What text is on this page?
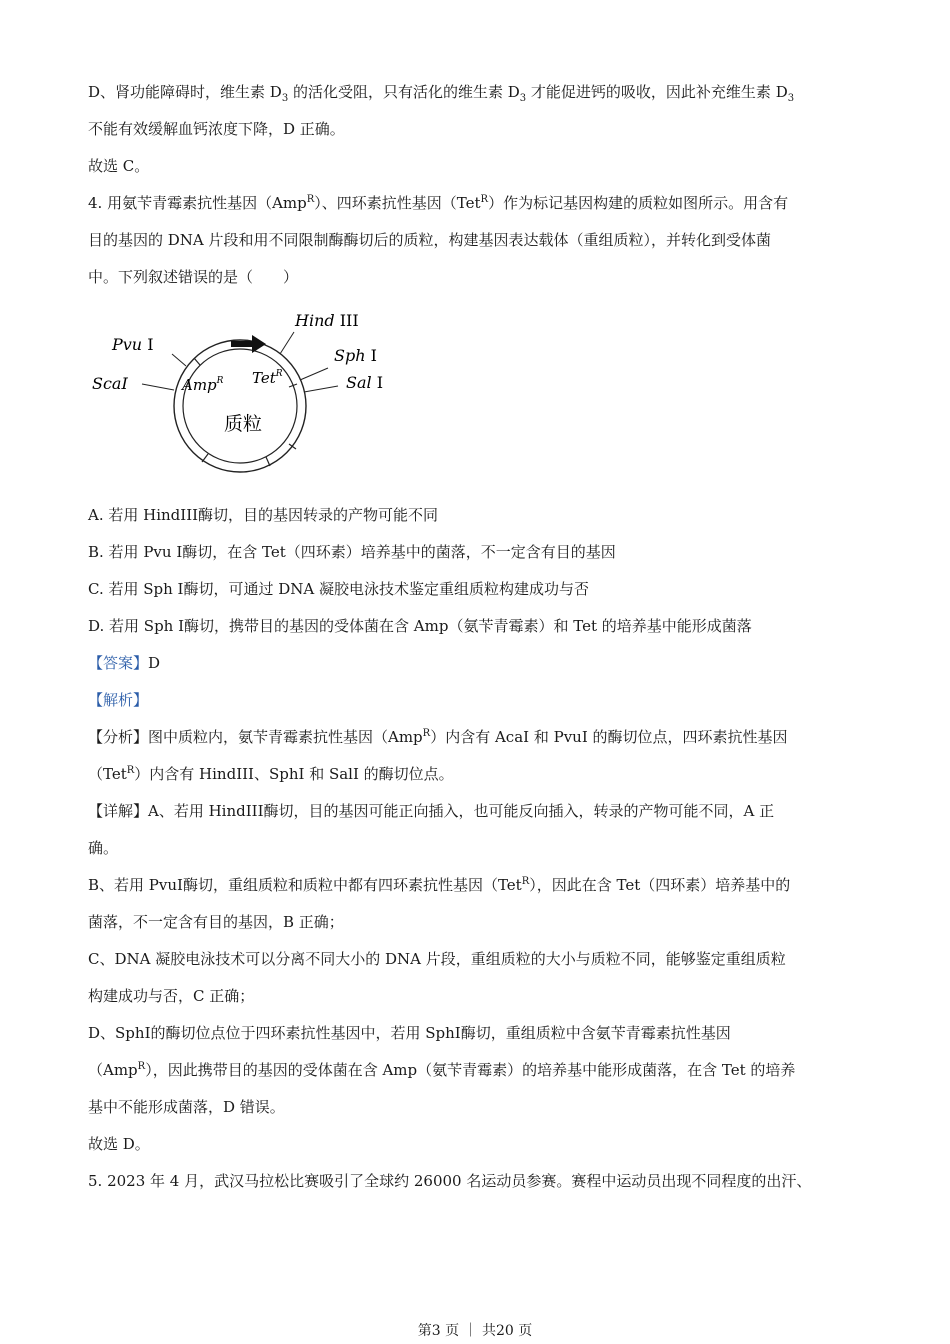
D、肾功能障碍时，维生素 $D_3$ 的活化受阻，只有活化的维生素 $D_3$ 才能促进钙的吸收，因此补充维生素 $D_3$
不能有效缓解血钙浓度下降，D 正确。
故选 C。
4. 用氨苄青霉素抗性基因（Amp$^R$）、四环素抗性基因（Tet$^R$）作为标记基因构建的质粒如图所示。用含有
目的基因的 DNA 片段和用不同限制酶酶切后的质粒，构建基因表达载体（重组质粒），并转化到受体菌
中。下列叙述错误的是（　　）
A. 若用 HindIII酶切，目的基因转录的产物可能不同
B. 若用 Pvu Ⅰ酶切，在含 Tet（四环素）培养基中的菌落，不一定含有目的基因
C. 若用 Sph Ⅰ酶切，可通过 DNA 凝胶电泳技术鉴定重组质粒构建成功与否
D. 若用 Sph Ⅰ酶切，携带目的基因的受体菌在含 Amp（氨苄青霉素）和 Tet 的培养基中能形成菌落
【答案】D
【解析】
【分析】图中质粒内，氨苄青霉素抗性基因（Amp$^R$）内含有 AcaI 和 PvuI 的酶切位点，四环素抗性基因
（Tet$^R$）内含有 HindIII、SphI 和 SalI 的酶切位点。
【详解】A、若用 HindIII酶切，目的基因可能正向插入，也可能反向插入，转录的产物可能不同，A 正
确。
B、若用 PvuI酶切，重组质粒和质粒中都有四环素抗性基因（Tet$^R$），因此在含 Tet（四环素）培养基中的
菌落，不一定含有目的基因，B 正确；
C、DNA 凝胶电泳技术可以分离不同大小的 DNA 片段，重组质粒的大小与质粒不同，能够鉴定重组质粒
构建成功与否，C 正确；
D、SphI的酶切位点位于四环素抗性基因中，若用 SphI酶切，重组质粒中含氨苄青霉素抗性基因
（Amp$^R$），因此携带目的基因的受体菌在含 Amp（氨苄青霉素）的培养基中能形成菌落，在含 Tet 的培养
基中不能形成菌落，D 错误。
故选 D。
5. 2023 年 4 月，武汉马拉松比赛吸引了全球约 26000 名运动员参赛。赛程中运动员出现不同程度的出汗、
Hind III
Sph I
Sal I
Pvu I
ScaI	Amp$^R$ Tet$^R$
质粒
第3 页 ｜ 共20 页
